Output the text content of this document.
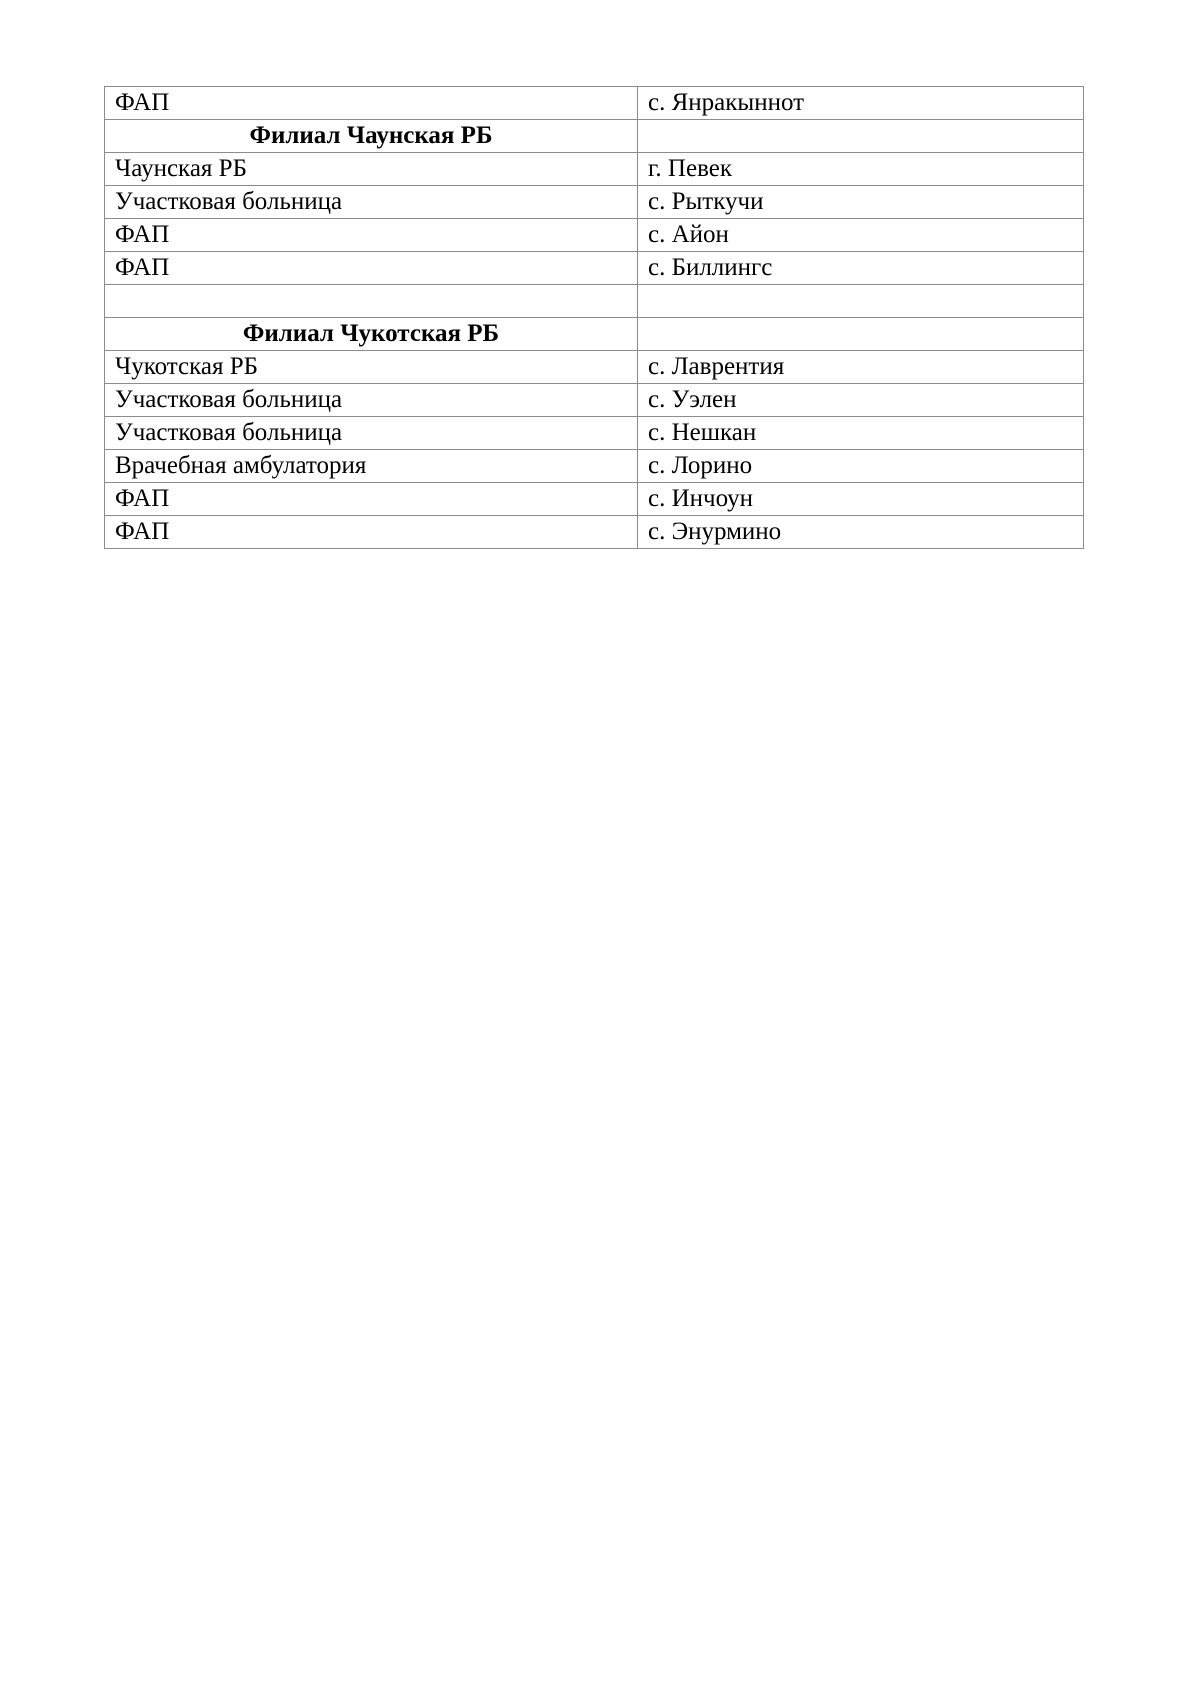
ФАП	с. Янракыннот
Филиал Чаунская РБ	
Чаунская РБ	г. Певек
Участковая больница	с. Рыткучи
ФАП	с. Айон
ФАП	с. Биллингс

Филиал Чукотская РБ	
Чукотская РБ	с. Лаврентия
Участковая больница	с. Уэлен
Участковая больница	с. Нешкан
Врачебная амбулатория	с. Лорино
ФАП	с. Инчоун
ФАП	с. Энурмино
